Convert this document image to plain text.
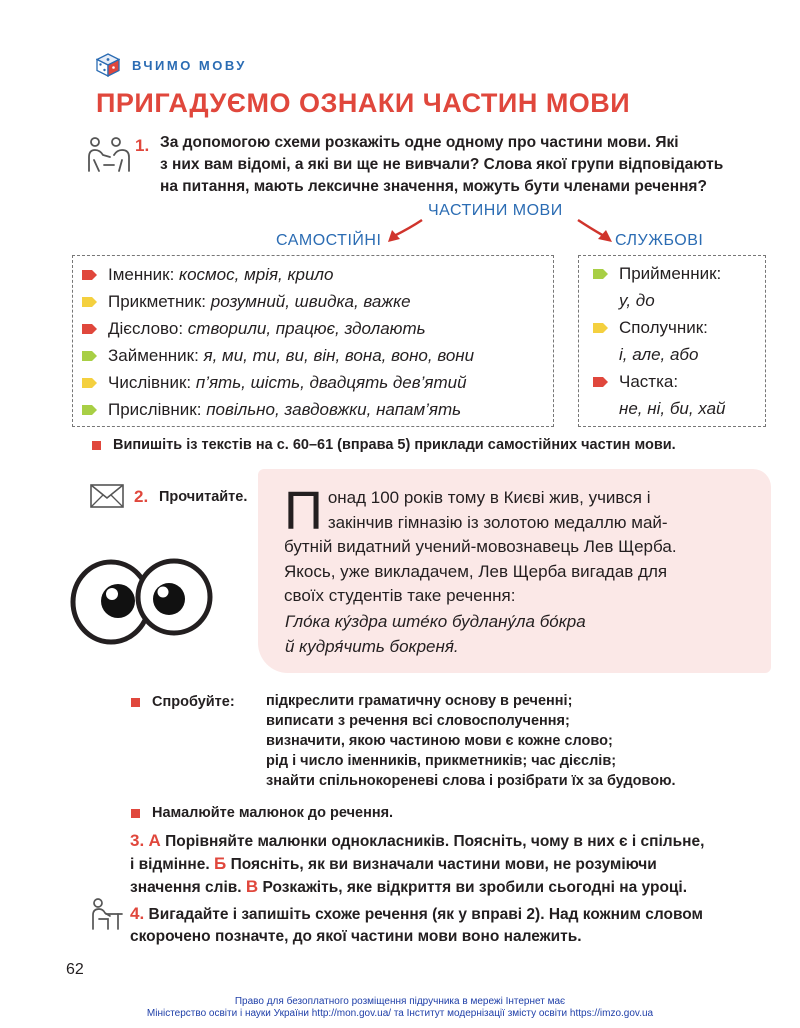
ВЧИМО МОВУ
ПРИГАДУЄМО ОЗНАКИ ЧАСТИН МОВИ
1. За допомогою схеми розкажіть одне одному про частини мови. Які

з них вам відомі, а які ви ще не вивчали? Слова якої групи відповідають

на питання, мають лексичне значення, можуть бути членами речення?

ЧАСТИНИ МОВИ
САМОСТІЙНІ	СЛУЖБОВІ
Іменник:
космос, мрія, крило
Прикметник:
розумний, швидка, важке
Дієслово:
створили, працює, здолають
Займенник:
я, ми, ти, ви, він, вона, воно, вони
Числівник:
п’ять, шість, двадцять дев’ятий
Прислівник:
повільно, завдовжки, напам’ять
Прийменник:
у, до
Сполучник:
і, але, або
Частка:
не, ні, би, хай
Випишіть із текстів на с. 60–61 (вправа 5) приклади самостійних частин мови.
2. Прочитайте. П онад 100 років тому в Києві жив, учився і
закінчив гімназію із золотою медаллю май-
бутній видатний учений-мовознавець Лев Щерба.
Якось, уже викладачем, Лев Щерба вигадав для
своїх студентів таке речення:
Гло́ка ку́здра ште́ко будлану́ла бо́кра
й кудря́чить бокреня́.
Спробуйте: підкреслити граматичну основу в реченні;
виписати з речення всі словосполучення;
визначити, якою частиною мови є кожне слово;
рід і число іменників, прикметників; час дієслів;
знайти спільнокореневі слова і розібрати їх за будовою.
Намалюйте малюнок до речення.
3. А Порівняйте малюнки однокласників. Поясніть, чому в них є і спільне,
і відмінне. Б Поясніть, як ви визначали частини мови, не розуміючи
значення слів. В Розкажіть, яке відкриття ви зробили сьогодні на уроці.
4. Вигадайте і запишіть схоже речення (як у вправі 2). Над кожним словом
скорочено позначте, до якої частини мови воно належить.
62
Право для безоплатного розміщення підручника в мережі Інтернет має
Міністерство освіти і науки України http://mon.gov.ua/ та Інститут модернізації змісту освіти https://imzo.gov.ua
